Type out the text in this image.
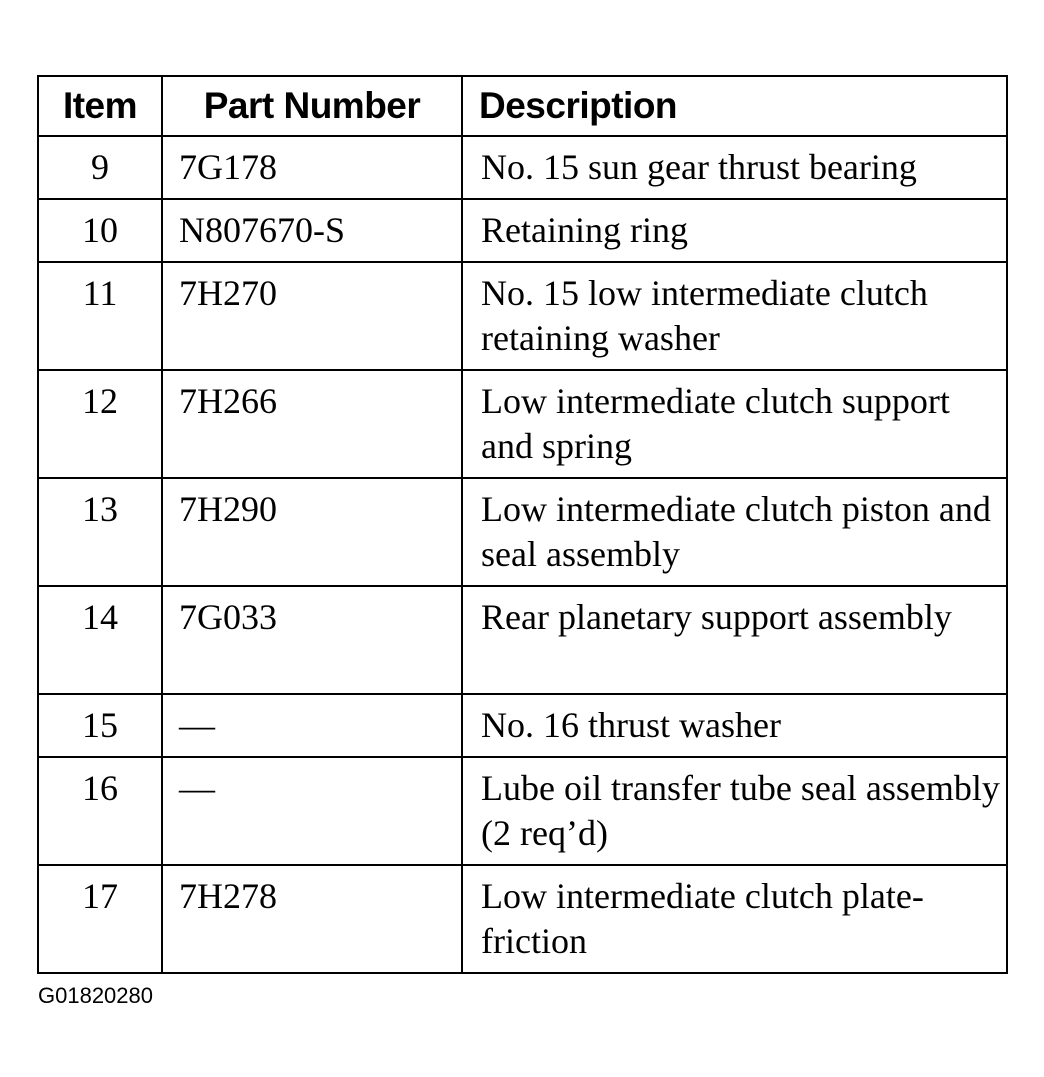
Item	Part Number	Description
9	7G178	No. 15 sun gear thrust bearing
10	N807670-S	Retaining ring
11	7H270	No. 15 low intermediate clutch retaining washer
12	7H266	Low intermediate clutch support and spring
13	7H290	Low intermediate clutch piston and seal assembly
14	7G033	Rear planetary support assembly
15	—	No. 16 thrust washer
16	—	Lube oil transfer tube seal assembly (2 req’d)
17	7H278	Low intermediate clutch plate-friction
G01820280
